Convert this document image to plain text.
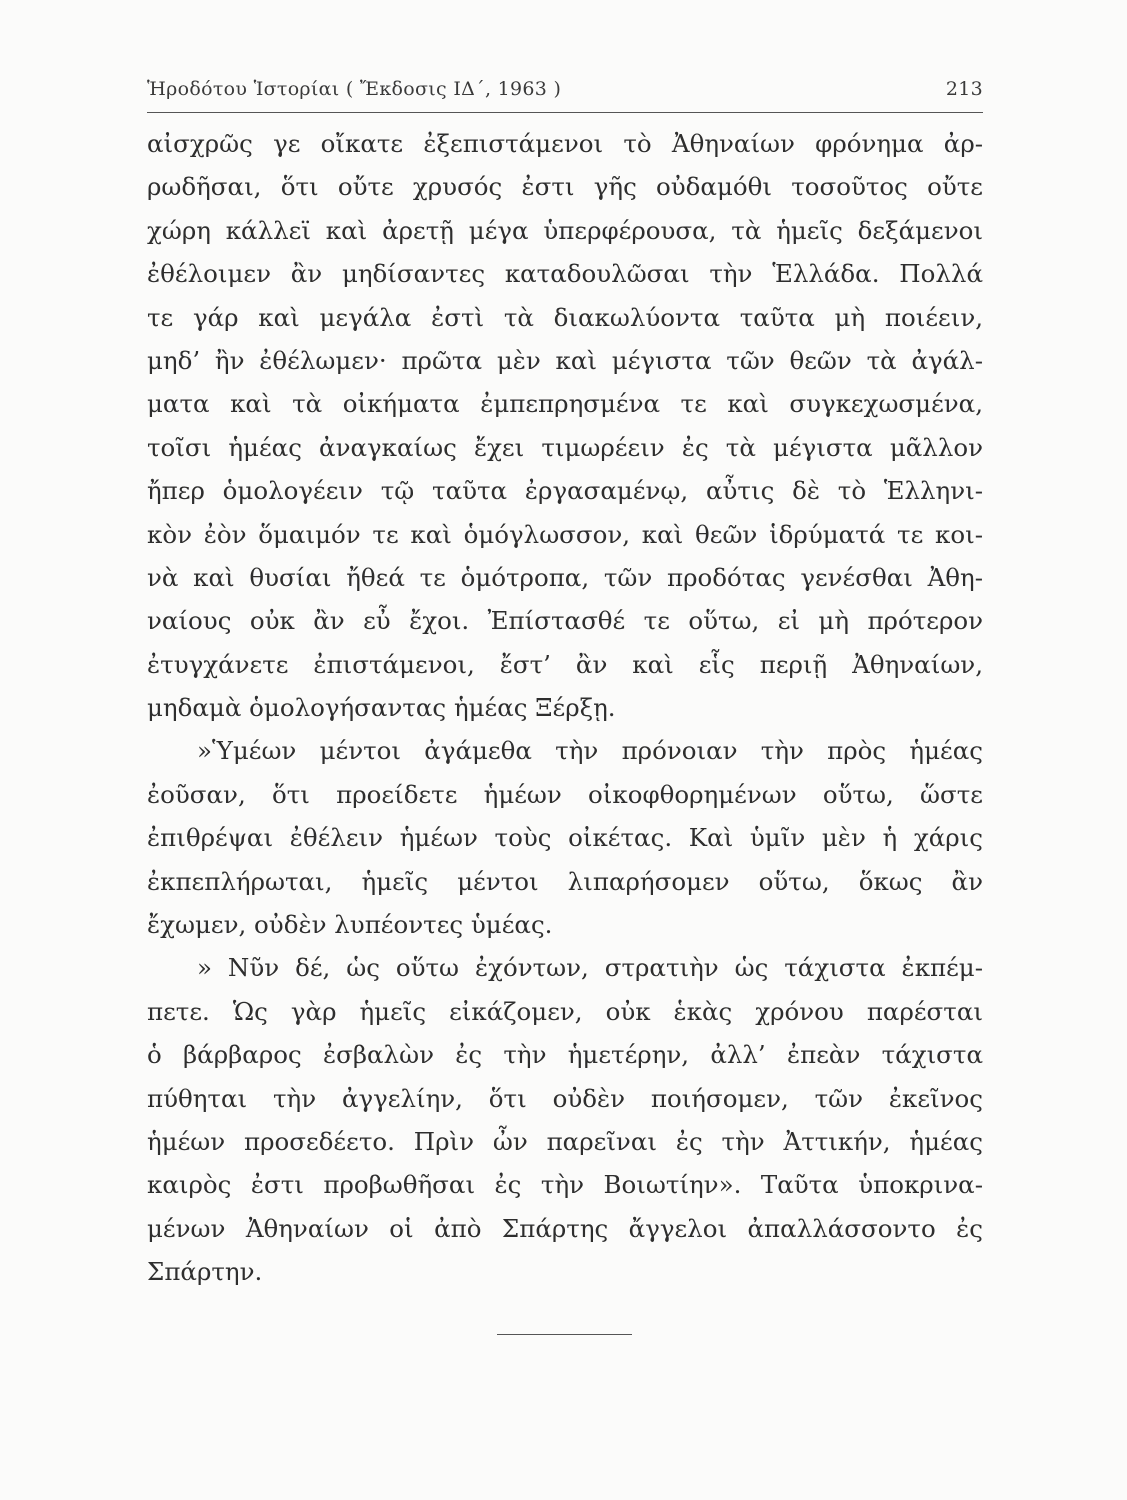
Ἡροδότου Ἱστορίαι ( Ἔκδοσις ΙΔ΄, 1963 )	213
αἰσχρῶς γε οἴκατε ἐξεπιστάμενοι τὸ Ἀθηναίων φρόνημα ἀρ-
ρωδῆσαι, ὅτι οὔτε χρυσός ἐστι γῆς οὐδαμόθι τοσοῦτος οὔτε
χώρη κάλλεϊ καὶ ἀρετῇ μέγα ὑπερφέρουσα, τὰ ἡμεῖς δεξάμενοι
ἐθέλοιμεν ἂν μηδίσαντες καταδουλῶσαι τὴν Ἑλλάδα. Πολλά
τε γάρ καὶ μεγάλα ἐστὶ τὰ διακωλύοντα ταῦτα μὴ ποιέειν,
μηδ’ ἢν ἐθέλωμεν· πρῶτα μὲν καὶ μέγιστα τῶν θεῶν τὰ ἀγάλ-
ματα καὶ τὰ οἰκήματα ἐμπεπρησμένα τε καὶ συγκεχωσμένα,
τοῖσι ἡμέας ἀναγκαίως ἔχει τιμωρέειν ἐς τὰ μέγιστα μᾶλλον
ἤπερ ὁμολογέειν τῷ ταῦτα ἐργασαμένῳ, αὖτις δὲ τὸ Ἑλληνι-
κὸν ἐὸν ὅμαιμόν τε καὶ ὁμόγλωσσον, καὶ θεῶν ἱδρύματά τε κοι-
νὰ καὶ θυσίαι ἤθεά τε ὁμότροπα, τῶν προδότας γενέσθαι Ἀθη-
ναίους οὐκ ἂν εὖ ἔχοι. Ἐπίστασθέ τε οὕτω, εἰ μὴ πρότερον
ἐτυγχάνετε ἐπιστάμενοι, ἔστ’ ἂν καὶ εἷς περιῇ Ἀθηναίων,
μηδαμὰ ὁμολογήσαντας ἡμέας Ξέρξῃ.
»Ὑμέων μέντοι ἀγάμεθα τὴν πρόνοιαν τὴν πρὸς ἡμέας
ἐοῦσαν, ὅτι προείδετε ἡμέων οἰκοφθορημένων οὕτω, ὥστε
ἐπιθρέψαι ἐθέλειν ἡμέων τοὺς οἰκέτας. Καὶ ὑμῖν μὲν ἡ χάρις
ἐκπεπλήρωται, ἡμεῖς μέντοι λιπαρήσομεν οὕτω, ὅκως ἂν
ἔχωμεν, οὐδὲν λυπέοντες ὑμέας.
» Νῦν δέ, ὡς οὕτω ἐχόντων, στρατιὴν ὡς τάχιστα ἐκπέμ-
πετε. Ὡς γὰρ ἡμεῖς εἰκάζομεν, οὐκ ἑκὰς χρόνου παρέσται
ὁ βάρβαρος ἐσβαλὼν ἐς τὴν ἡμετέρην, ἀλλ’ ἐπεὰν τάχιστα
πύθηται τὴν ἀγγελίην, ὅτι οὐδὲν ποιήσομεν, τῶν ἐκεῖνος
ἡμέων προσεδέετο. Πρὶν ὦν παρεῖναι ἐς τὴν Ἀττικήν, ἡμέας
καιρὸς ἐστι προβωθῆσαι ἐς τὴν Βοιωτίην». Ταῦτα ὑποκρινα-
μένων Ἀθηναίων οἱ ἀπὸ Σπάρτης ἄγγελοι ἀπαλλάσσοντο ἐς
Σπάρτην.
